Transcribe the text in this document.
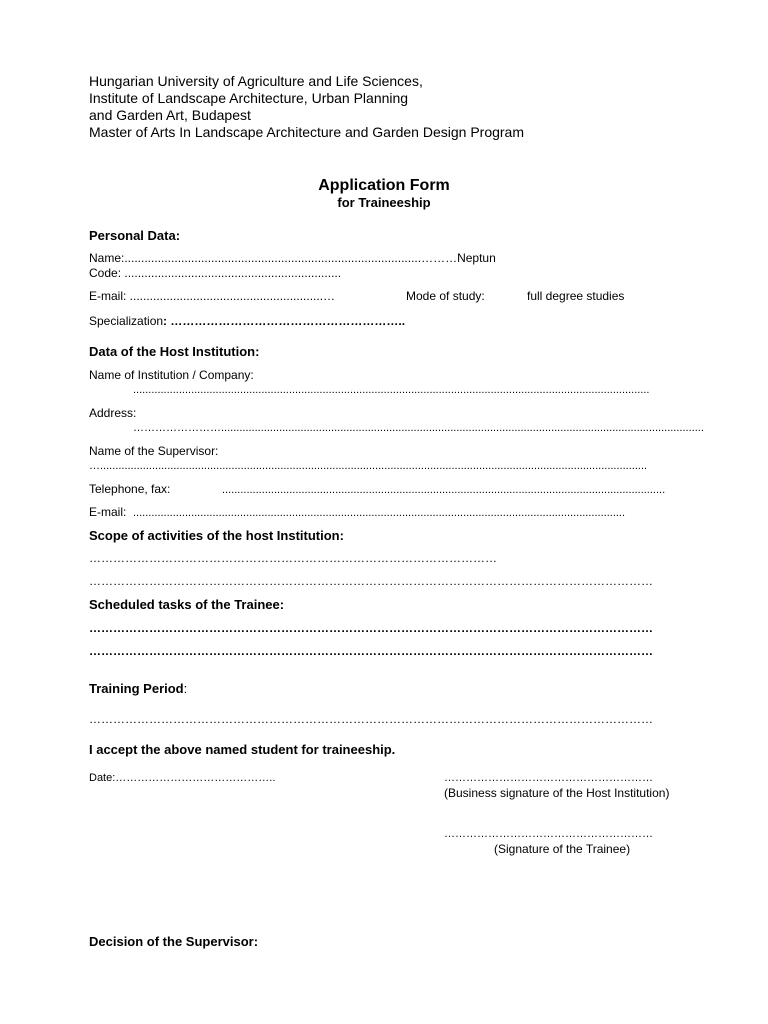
Hungarian University of Agriculture and Life Sciences,
Institute of Landscape Architecture, Urban Planning
and Garden Art, Budapest
Master of Arts In Landscape Architecture and Garden Design Program
Application Form
for Traineeship
Personal Data:
Name:.........................................................................................………Neptun
Code: .................................................................
E-mail: ..........................................................…	Mode of study:	full degree studies
Specialization: …………………………………………………..
Data of the Host Institution:
Name of Institution / Company:
.........................................................................................................................................................................
Address:
……………………..............................................................................................................................................................
Name of the Supervisor:
…...................................................................................................................................................................................
Telephone, fax:	.................................................................................................................................................
E-mail: .................................................................................................................................................................
Scope of activities of the host Institution:
…………………………………………………………………………………………
……………………………………………………………………………………………………………………………
Scheduled tasks of the Trainee:
……………………………………………………………………………………………………………………………
……………………………………………………………………………………………………………………………
Training Period:
……………………………………………………………………………………………………………………………
I accept the above named student for traineeship.
Date:……………………………………..	…………………………………………………
(Business signature of the Host Institution)
…………………………………………………
(Signature of the Trainee)
Decision of the Supervisor:
